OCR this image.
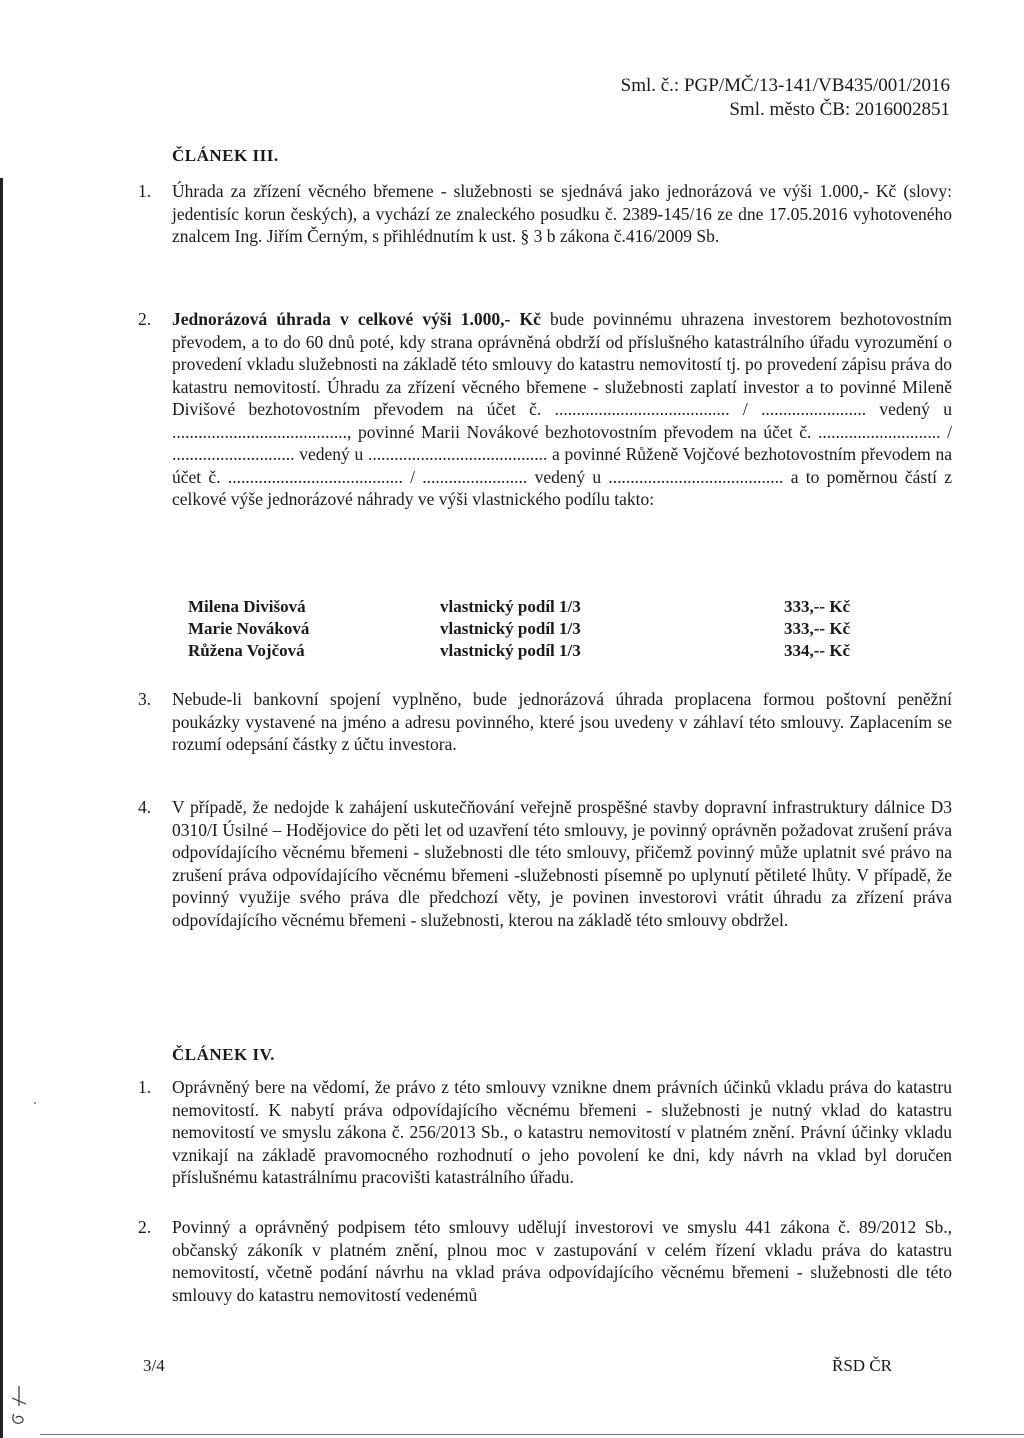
Sml. č.: PGP/MČ/13-141/VB435/001/2016
Sml. město ČB: 2016002851
ČLÁNEK III.
1. Úhrada za zřízení věcného břemene - služebnosti se sjednává jako jednorázová ve výši 1.000,- Kč (slovy: jedentisíc korun českých), a vychází ze znaleckého posudku č. 2389-145/16 ze dne 17.05.2016 vyhotoveného znalcem Ing. Jiřím Černým, s přihlédnutím k ust. § 3 b zákona č.416/2009 Sb.

2. Jednorázová úhrada v celkové výši 1.000,- Kč bude povinnému uhrazena investorem bezhotovostním převodem, a to do 60 dnů poté, kdy strana oprávněná obdrží od příslušného katastrálního úřadu vyrozumění o provedení vkladu služebnosti na základě této smlouvy do katastru nemovitostí tj. po provedení zápisu práva do katastru nemovitostí. Úhradu za zřízení věcného břemene - služebnosti zaplatí investor a to povinné Mileně Divišové bezhotovostním převodem na účet č. ........................................ / ........................ vedený u ........................................, povinné Marii Novákové bezhotovostním převodem na účet č. ............................ / ............................ vedený u ......................................... a povinné Růženě Vojčové bezhotovostním převodem na účet č. ........................................ / ........................ vedený u ........................................ a to poměrnou částí z celkové výše jednorázové náhrady ve výši vlastnického podílu takto:

Milena Divišová	vlastnický podíl 1/3	333,-- Kč
Marie Nováková	vlastnický podíl 1/3	333,-- Kč
Růžena Vojčová	vlastnický podíl 1/3	334,-- Kč
3. Nebude-li bankovní spojení vyplněno, bude jednorázová úhrada proplacena formou poštovní peněžní poukázky vystavené na jméno a adresu povinného, které jsou uvedeny v záhlaví této smlouvy. Zaplacením se rozumí odepsání částky z účtu investora.

4. V případě, že nedojde k zahájení uskutečňování veřejně prospěšné stavby dopravní infrastruktury dálnice D3 0310/I Úsilné – Hodějovice do pěti let od uzavření této smlouvy, je povinný oprávněn požadovat zrušení práva odpovídajícího věcnému břemeni - služebnosti dle této smlouvy, přičemž povinný může uplatnit své právo na zrušení práva odpovídajícího věcnému břemeni -služebnosti písemně po uplynutí pětileté lhůty. V případě, že povinný využije svého práva dle předchozí věty, je povinen investorovi vrátit úhradu za zřízení práva odpovídajícího věcnému břemeni - služebnosti, kterou na základě této smlouvy obdržel.

ČLÁNEK IV.
1. Oprávněný bere na vědomí, že právo z této smlouvy vznikne dnem právních účinků vkladu práva do katastru nemovitostí. K nabytí práva odpovídajícího věcnému břemeni - služebnosti je nutný vklad do katastru nemovitostí ve smyslu zákona č. 256/2013 Sb., o katastru nemovitostí v platném znění. Právní účinky vkladu vznikají na základě pravomocného rozhodnutí o jeho povolení ke dni, kdy návrh na vklad byl doručen příslušnému katastrálnímu pracovišti katastrálního úřadu.

2. Povinný a oprávněný podpisem této smlouvy udělují investorovi ve smyslu 441 zákona č. 89/2012 Sb., občanský zákoník v platném znění, plnou moc v zastupování v celém řízení vkladu práva do katastru nemovitostí, včetně podání návrhu na vklad práva odpovídajícího věcnému břemeni - služebnosti dle této smlouvy do katastru nemovitostí vedenémů

3/4	ŘSD ČR
